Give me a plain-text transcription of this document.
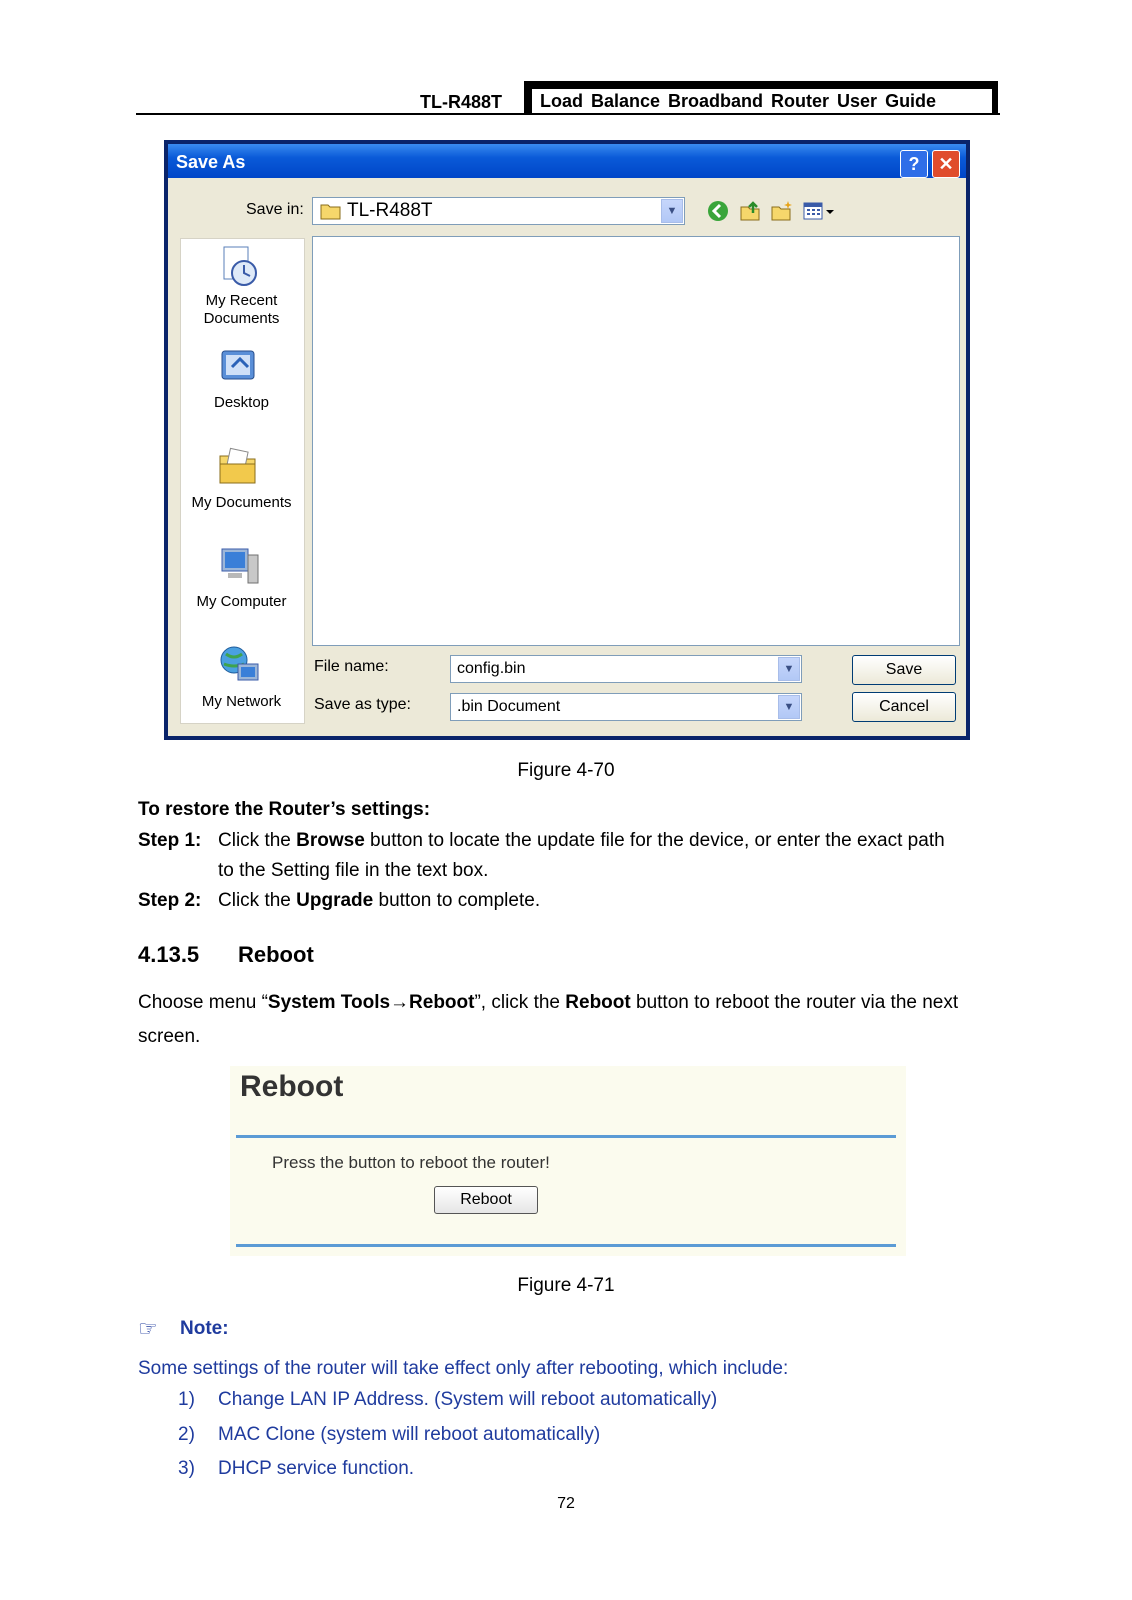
TL-R488T	Load Balance Broadband Router User Guide
Save As	?	✕
Save in:	TL-R488T	▼
My Recent Documents
Desktop
My Documents
My Computer
My Network
File name:	config.bin	▼
Save as type:	.bin Document	▼
Save
Cancel
Figure 4-70
To restore the Router’s settings:
Step 1: Click the Browse button to locate the update file for the device, or enter the exact path
to the Setting file in the text box.
Step 2: Click the Upgrade button to complete.
4.13.5 Reboot
Choose menu “System Tools→Reboot”, click the Reboot button to reboot the router via the next
screen.
Reboot
Press the button to reboot the router!
Reboot
Figure 4-71
☞ Note:
Some settings of the router will take effect only after rebooting, which include:
1) Change LAN IP Address. (System will reboot automatically)
2) MAC Clone (system will reboot automatically)
3) DHCP service function.
72
